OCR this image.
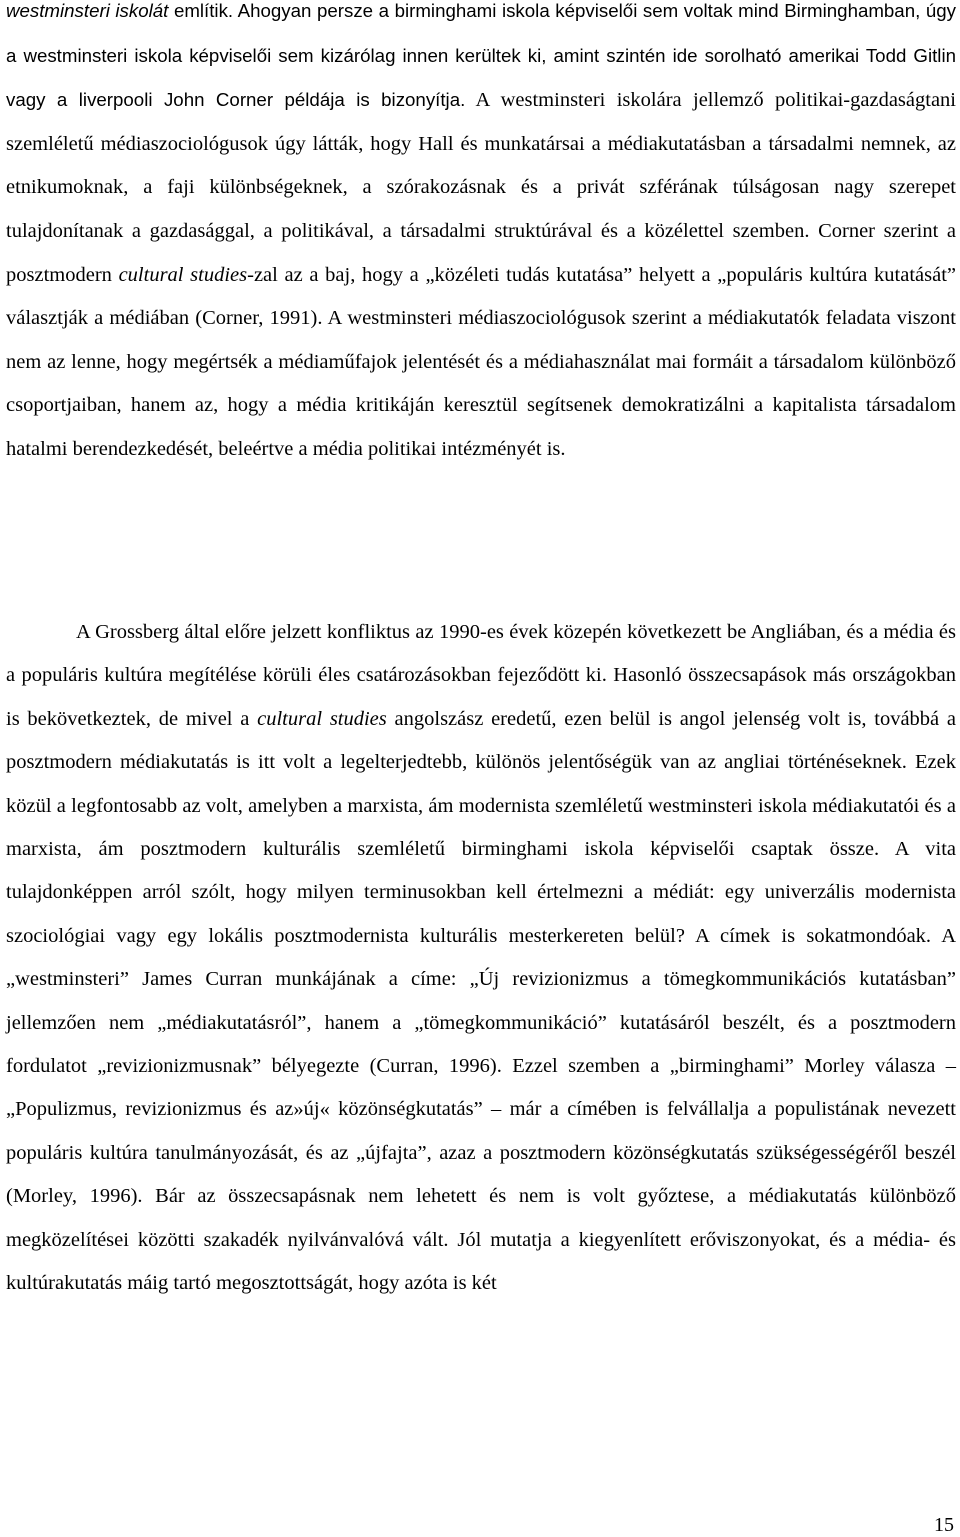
westminsteri iskolát említik. Ahogyan persze a birminghami iskola képviselői sem voltak mind Birminghamban, úgy a westminsteri iskola képviselői sem kizárólag innen kerültek ki, amint szintén ide sorolható amerikai Todd Gitlin vagy a liverpooli John Corner példája is bizonyítja. A westminsteri iskolára jellemző politikai-gazdaságtani szemléletű médiaszociológusok úgy látták, hogy Hall és munkatársai a médiakutatásban a társadalmi nemnek, az etnikumoknak, a faji különbségeknek, a szórakozásnak és a privát szférának túlságosan nagy szerepet tulajdonítanak a gazdasággal, a politikával, a társadalmi struktúrával és a közélettel szemben. Corner szerint a posztmodern cultural studies-zal az a baj, hogy a „közéleti tudás kutatása” helyett a „populáris kultúra kutatását” választják a médiában (Corner, 1991). A westminsteri médiaszociológusok szerint a médiakutatók feladata viszont nem az lenne, hogy megértsék a médiaműfajok jelentését és a médiahasználat mai formáit a társadalom különböző csoportjaiban, hanem az, hogy a média kritikáján keresztül segítsenek demokratizálni a kapitalista társadalom hatalmi berendezkedését, beleértve a média politikai intézményét is.

A Grossberg által előre jelzett konfliktus az 1990-es évek közepén következett be Angliában, és a média és a populáris kultúra megítélése körüli éles csatározásokban fejeződött ki. Hasonló összecsapások más országokban is bekövetkeztek, de mivel a cultural studies angolszász eredetű, ezen belül is angol jelenség volt is, továbbá a posztmodern médiakutatás is itt volt a legelterjedtebb, különös jelentőségük van az angliai történéseknek. Ezek közül a legfontosabb az volt, amelyben a marxista, ám modernista szemléletű westminsteri iskola médiakutatói és a marxista, ám posztmodern kulturális szemléletű birminghami iskola képviselői csaptak össze. A vita tulajdonképpen arról szólt, hogy milyen terminusokban kell értelmezni a médiát: egy univerzális modernista szociológiai vagy egy lokális posztmodernista kulturális mesterkereten belül? A címek is sokatmondóak. A „westminsteri” James Curran munkájának a címe: „Új revizionizmus a tömegkommunikációs kutatásban” jellemzően nem „médiakutatásról”, hanem a „tömegkommunikáció” kutatásáról beszélt, és a posztmodern fordulatot „revizionizmusnak” bélyegezte (Curran, 1996). Ezzel szemben a „birminghami” Morley válasza – „Populizmus, revizionizmus és az»új« közönségkutatás” – már a címében is felvállalja a populistának nevezett populáris kultúra tanulmányozását, és az „újfajta”, azaz a posztmodern közönségkutatás szükségességéről beszél (Morley, 1996). Bár az összecsapásnak nem lehetett és nem is volt győztese, a médiakutatás különböző megközelítései közötti szakadék nyilvánvalóvá vált. Jól mutatja a kiegyenlített erőviszonyokat, és a média- és kultúrakutatás máig tartó megosztottságát, hogy azóta is két

15
